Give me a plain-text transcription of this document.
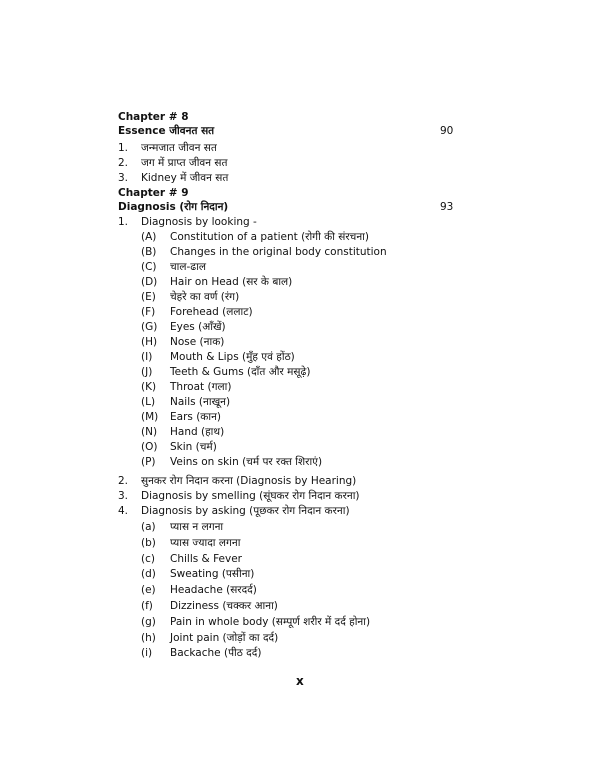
Chapter # 8
Essence जीवनत सत	90
1. जन्मजात जीवन सत
2. जग में प्राप्त जीवन सत
3. Kidney में जीवन सत
Chapter # 9
Diagnosis (रोग निदान)	93
1. Diagnosis by looking -
(A) Constitution of a patient (रोगी की संरचना)
(B) Changes in the original body constitution
(C) चाल-ढाल
(D) Hair on Head (सर के बाल)
(E) चेहरे का वर्ण (रंग)
(F) Forehead (ललाट)
(G) Eyes (आँखें)
(H) Nose (नाक)
(I) Mouth & Lips (मुँह एवं होंठ)
(J) Teeth & Gums (दाँत और मसूढ़े)
(K) Throat (गला)
(L) Nails (नाखून)
(M) Ears (कान)
(N) Hand (हाथ)
(O) Skin (चर्म)
(P) Veins on skin (चर्म पर रक्त शिराएं)
2. सुनकर रोग निदान करना (Diagnosis by Hearing)
3. Diagnosis by smelling (सूंघकर रोग निदान करना)
4. Diagnosis by asking (पूछकर रोग निदान करना)
(a) प्यास न लगना
(b) प्यास ज्यादा लगना
(c) Chills & Fever
(d) Sweating (पसीना)
(e) Headache (सरदर्द)
(f) Dizziness (चक्कर आना)
(g) Pain in whole body (सम्पूर्ण शरीर में दर्द होना)
(h) Joint pain (जोड़ों का दर्द)
(i) Backache (पीठ दर्द)
x
